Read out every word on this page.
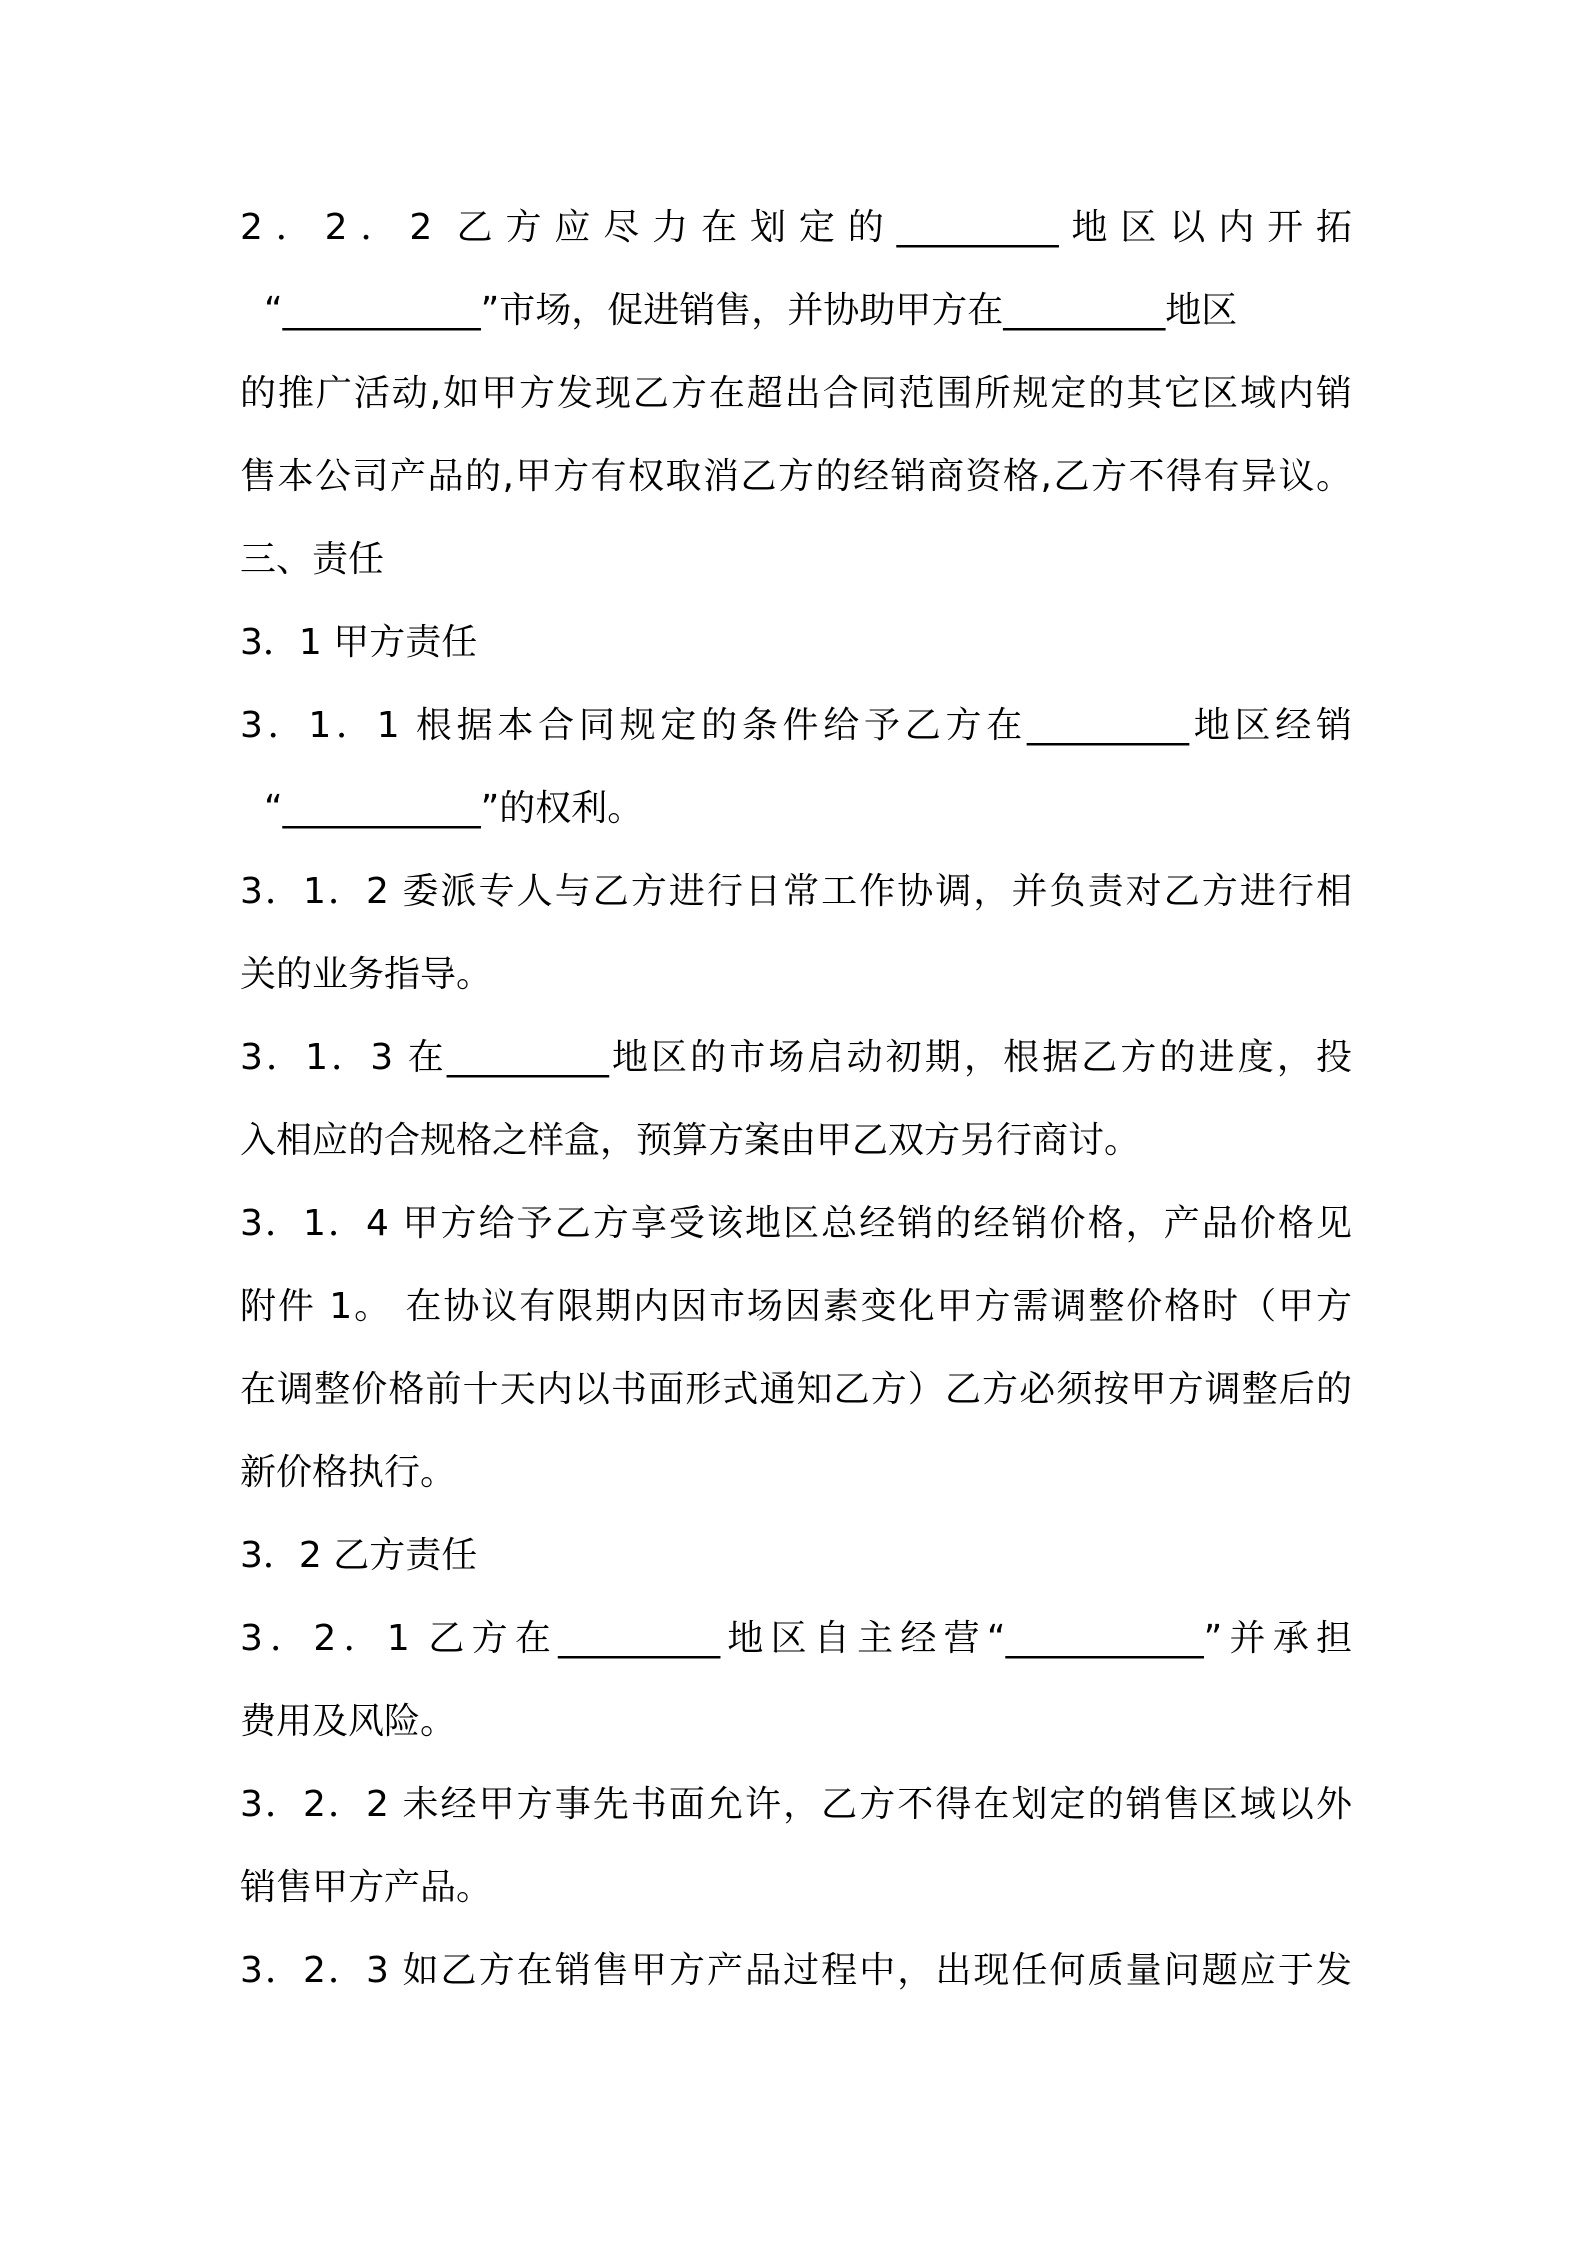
2．2．2 乙方应尽力在划定的_________地区以内开拓
“___________”市场，促进销售，并协助甲方在_________地区
的推广活动,如甲方发现乙方在超出合同范围所规定的其它区域内销
售本公司产品的,甲方有权取消乙方的经销商资格,乙方不得有异议。
三、责任
3．1 甲方责任
3．1．1 根据本合同规定的条件给予乙方在_________地区经销
“___________”的权利。
3．1．2 委派专人与乙方进行日常工作协调，并负责对乙方进行相
关的业务指导。
3．1．3 在_________地区的市场启动初期，根据乙方的进度，投
入相应的合规格之样盒，预算方案由甲乙双方另行商讨。
3．1．4 甲方给予乙方享受该地区总经销的经销价格，产品价格见
附件 1。 在协议有限期内因市场因素变化甲方需调整价格时（甲方
在调整价格前十天内以书面形式通知乙方）乙方必须按甲方调整后的
新价格执行。
3．2 乙方责任
3．2．1 乙方在_________地区自主经营“___________”并承担
费用及风险。
3．2．2 未经甲方事先书面允许，乙方不得在划定的销售区域以外
销售甲方产品。
3．2．3 如乙方在销售甲方产品过程中，出现任何质量问题应于发
